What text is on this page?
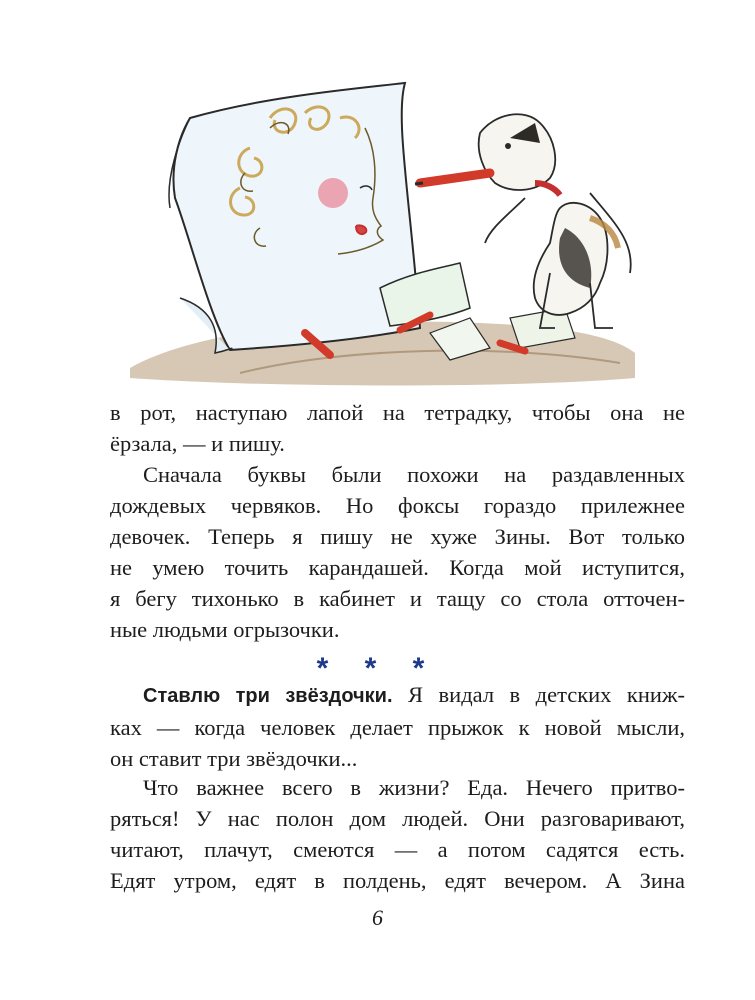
в рот, наступаю лапой на тетрадку, чтобы она не
ёрзала, — и пишу.
Сначала буквы были похожи на раздавленных
дождевых червяков. Но фоксы гораздо прилежнее
девочек. Теперь я пишу не хуже Зины. Вот только
не умею точить карандашей. Когда мой иступится,
я бегу тихонько в кабинет и тащу со стола отточен-
ные людьми огрызочки.
* * *
Ставлю три звёздочки. Я видал в детских книж-
ках — когда человек делает прыжок к новой мысли,
он ставит три звёздочки...
Что важнее всего в жизни? Еда. Нечего притво-
ряться! У нас полон дом людей. Они разговаривают,
читают, плачут, смеются — а потом садятся есть.
Едят утром, едят в полдень, едят вечером. А Зина
6
